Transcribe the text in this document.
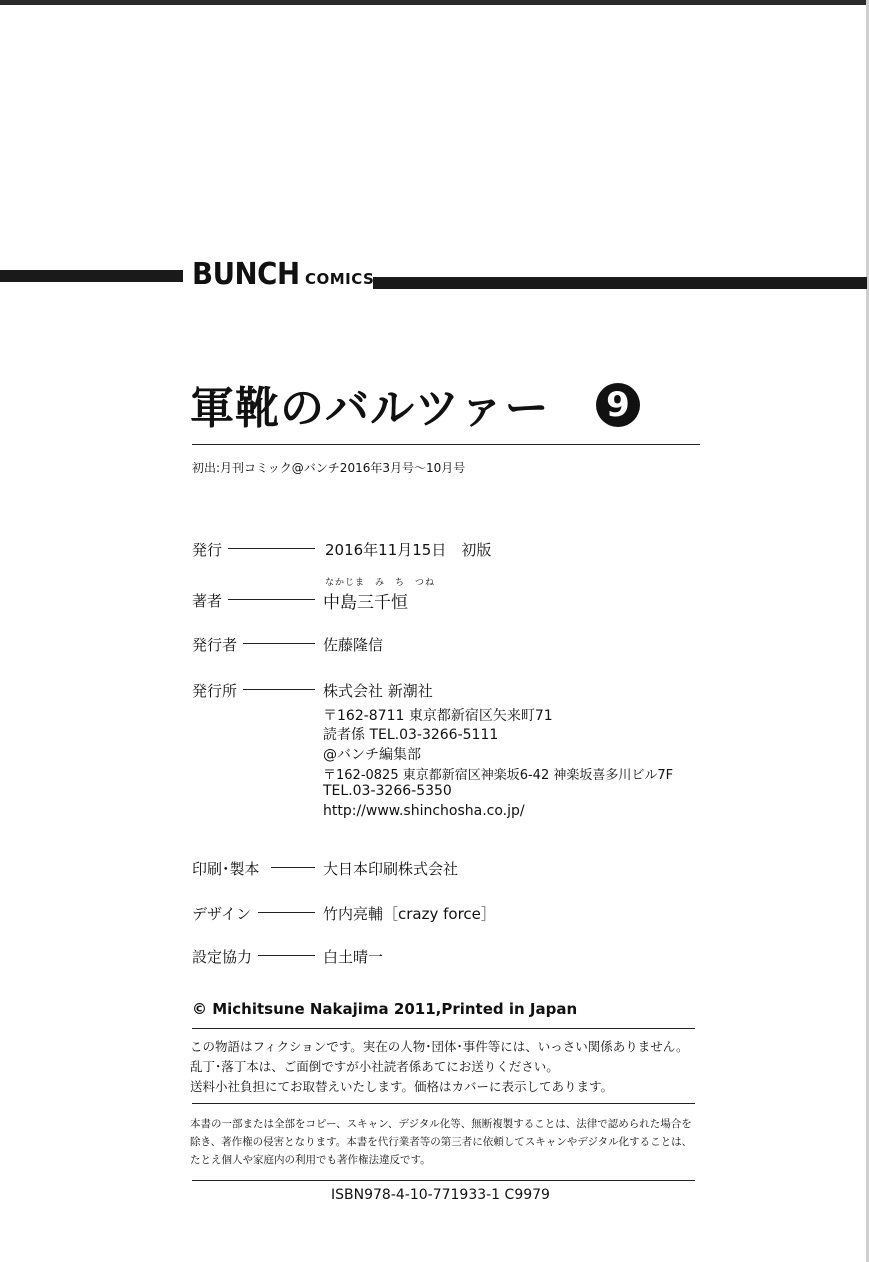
BUNCH COMICS
軍靴のバルツァー 9
初出:月刊コミック@バンチ2016年3月号～10月号
発行	2016年11月15日　初版
なかじま　み　ち　つね
著者	中島三千恒
発行者	佐藤隆信
発行所	株式会社 新潮社
〒162-8711 東京都新宿区矢来町71
読者係 TEL.03-3266-5111
@バンチ編集部
〒162-0825 東京都新宿区神楽坂6-42 神楽坂喜多川ビル7F
TEL.03-3266-5350
http://www.shinchosha.co.jp/
印刷･製本	大日本印刷株式会社
デザイン	竹内亮輔［crazy force］
設定協力	白土晴一
© Michitsune Nakajima 2011,Printed in Japan
この物語はフィクションです。実在の人物･団体･事件等には、いっさい関係ありません。
乱丁･落丁本は、ご面倒ですが小社読者係あてにお送りください。
送料小社負担にてお取替えいたします。価格はカバーに表示してあります。
本書の一部または全部をコピー、スキャン、デジタル化等、無断複製することは、法律で認められた場合を
除き、著作権の侵害となります。本書を代行業者等の第三者に依頼してスキャンやデジタル化することは、
たとえ個人や家庭内の利用でも著作権法違反です。
ISBN978-4-10-771933-1 C9979
